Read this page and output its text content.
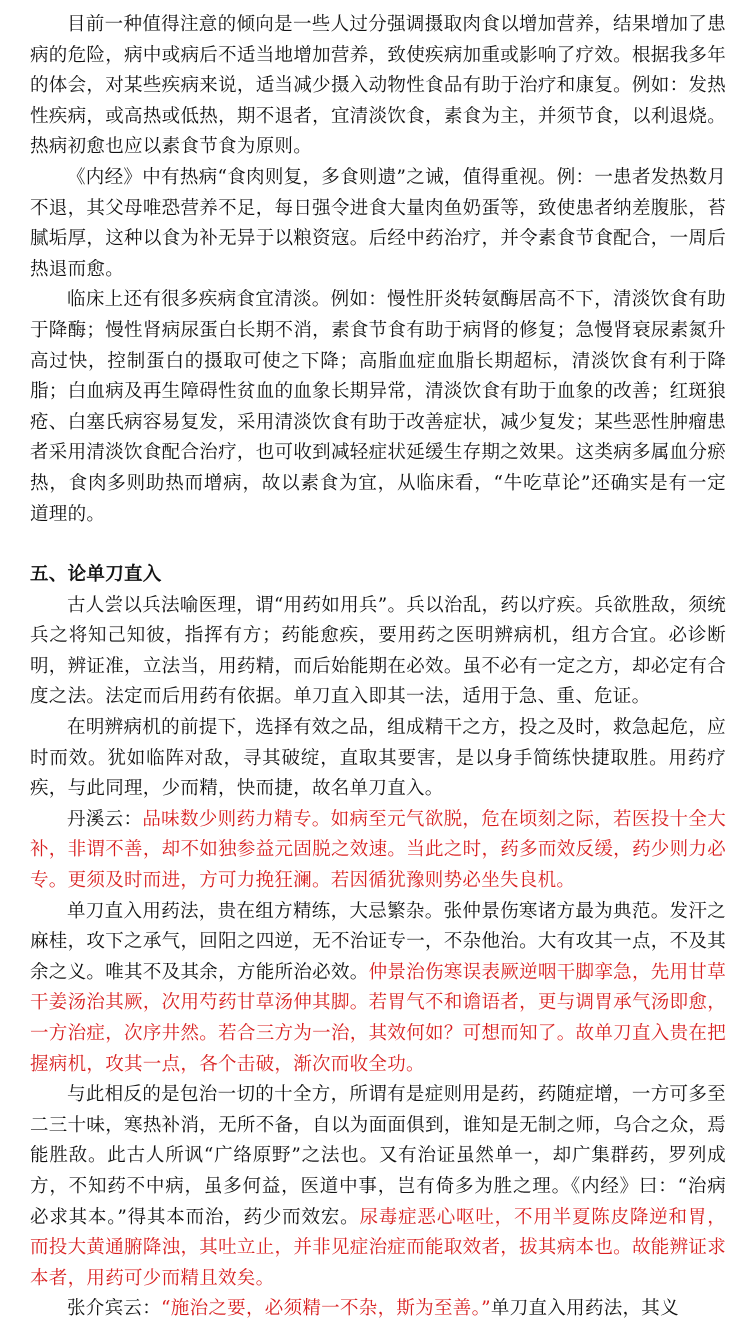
目前一种值得注意的倾向是一些人过分强调摄取肉食以增加营养，结果增加了患病的危险，病中或病后不适当地增加营养，致使疾病加重或影响了疗效。根据我多年的体会，对某些疾病来说，适当减少摄入动物性食品有助于治疗和康复。例如：发热性疾病，或高热或低热，期不退者，宜清淡饮食，素食为主，并须节食，以利退烧。热病初愈也应以素食节食为原则。

《内经》中有热病“食肉则复，多食则遗”之诫，值得重视。例：一患者发热数月不退，其父母唯恐营养不足，每日强令进食大量肉鱼奶蛋等，致使患者纳差腹胀，苔腻垢厚，这种以食为补无异于以粮资寇。后经中药治疗，并令素食节食配合，一周后热退而愈。

临床上还有很多疾病食宜清淡。例如：慢性肝炎转氨酶居高不下，清淡饮食有助于降酶；慢性肾病尿蛋白长期不消，素食节食有助于病肾的修复；急慢肾衰尿素氮升高过快，控制蛋白的摄取可使之下降；高脂血症血脂长期超标，清淡饮食有利于降脂；白血病及再生障碍性贫血的血象长期异常，清淡饮食有助于血象的改善；红斑狼疮、白塞氏病容易复发，采用清淡饮食有助于改善症状，减少复发；某些恶性肿瘤患者采用清淡饮食配合治疗，也可收到减轻症状延缓生存期之效果。这类病多属血分瘀热，食肉多则助热而增病，故以素食为宜，从临床看，“牛吃草论”还确实是有一定道理的。

五、论单刀直入

古人尝以兵法喻医理，谓“用药如用兵”。兵以治乱，药以疗疾。兵欲胜敌，须统兵之将知己知彼，指挥有方；药能愈疾，要用药之医明辨病机，组方合宜。必诊断明，辨证准，立法当，用药精，而后始能期在必效。虽不必有一定之方，却必定有合度之法。法定而后用药有依据。单刀直入即其一法，适用于急、重、危证。

在明辨病机的前提下，选择有效之品，组成精干之方，投之及时，救急起危，应时而效。犹如临阵对敌，寻其破绽，直取其要害，是以身手简练快捷取胜。用药疗疾，与此同理，少而精，快而捷，故名单刀直入。

丹溪云：品味数少则药力精专。如病至元气欲脱，危在顷刻之际，若医投十全大补，非谓不善，却不如独参益元固脱之效速。当此之时，药多而效反缓，药少则力必专。更须及时而进，方可力挽狂澜。若因循犹豫则势必坐失良机。

单刀直入用药法，贵在组方精练，大忌繁杂。张仲景伤寒诸方最为典范。发汗之麻桂，攻下之承气，回阳之四逆，无不治证专一，不杂他治。大有攻其一点，不及其余之义。唯其不及其余，方能所治必效。仲景治伤寒误表厥逆咽干脚挛急，先用甘草干姜汤治其厥，次用芍药甘草汤伸其脚。若胃气不和谵语者，更与调胃承气汤即愈，一方治症，次序井然。若合三方为一治，其效何如？可想而知了。故单刀直入贵在把握病机，攻其一点，各个击破，渐次而收全功。

与此相反的是包治一切的十全方，所谓有是症则用是药，药随症增，一方可多至二三十味，寒热补消，无所不备，自以为面面俱到，谁知是无制之师，乌合之众，焉能胜敌。此古人所讽“广络原野”之法也。又有治证虽然单一，却广集群药，罗列成方，不知药不中病，虽多何益，医道中事，岂有倚多为胜之理。《内经》曰：“治病必求其本。”得其本而治，药少而效宏。尿毒症恶心呕吐，不用半夏陈皮降逆和胃，而投大黄通腑降浊，其吐立止，并非见症治症而能取效者，拔其病本也。故能辨证求本者，用药可少而精且效矣。

张介宾云：“施治之要，必须精一不杂，斯为至善。”单刀直入用药法，其义
